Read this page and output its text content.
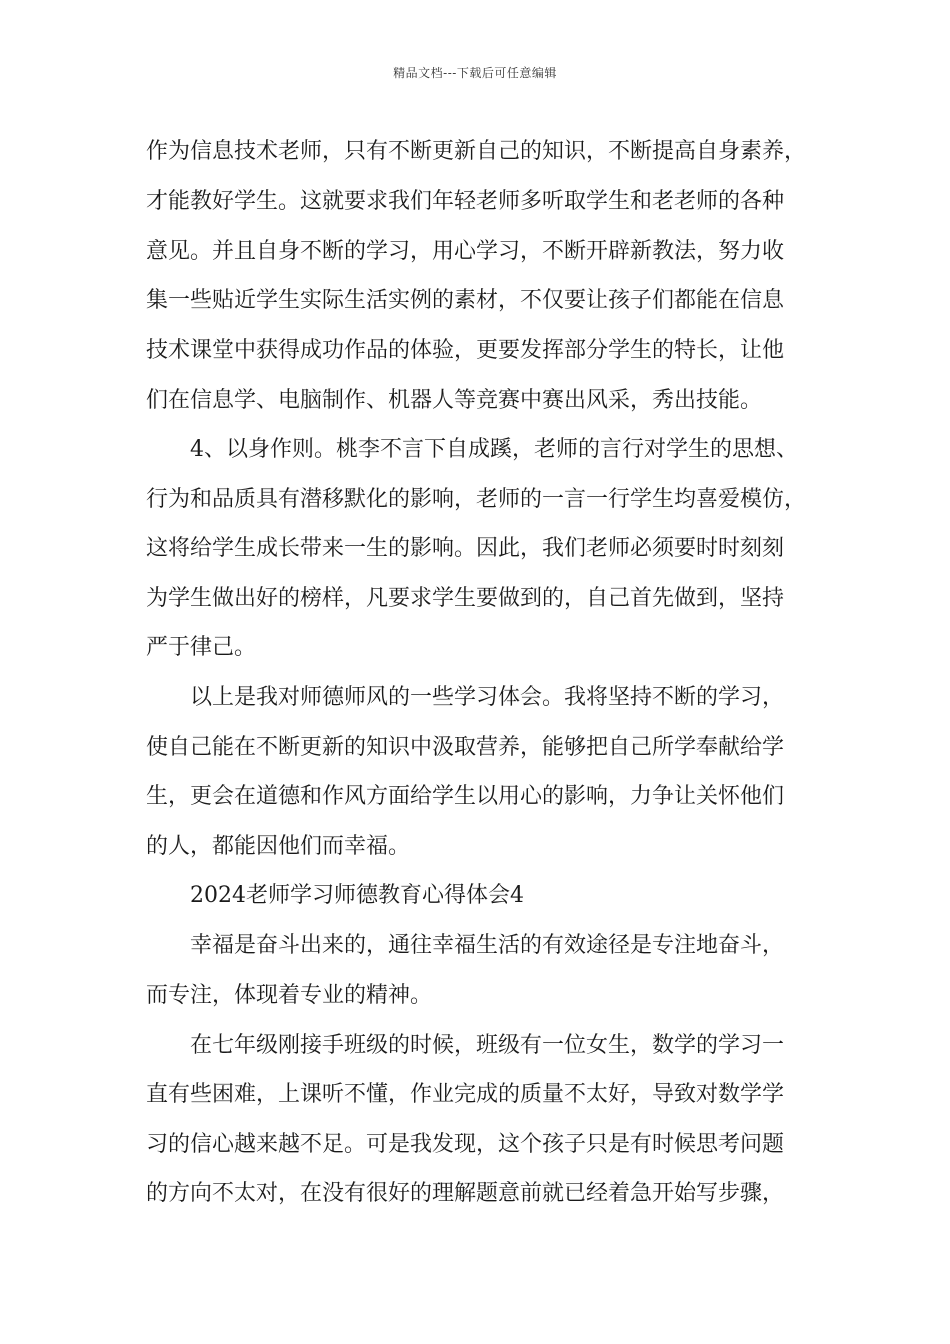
精品文档---下载后可任意编辑
作为信息技术老师，只有不断更新自己的知识，不断提高自身素养，
才能教好学生。这就要求我们年轻老师多听取学生和老老师的各种
意见。并且自身不断的学习，用心学习，不断开辟新教法，努力收
集一些贴近学生实际生活实例的素材，不仅要让孩子们都能在信息
技术课堂中获得成功作品的体验，更要发挥部分学生的特长，让他
们在信息学、电脑制作、机器人等竞赛中赛出风采，秀出技能。
4、以身作则。桃李不言下自成蹊，老师的言行对学生的思想、
行为和品质具有潜移默化的影响，老师的一言一行学生均喜爱模仿，
这将给学生成长带来一生的影响。因此，我们老师必须要时时刻刻
为学生做出好的榜样，凡要求学生要做到的，自己首先做到，坚持
严于律己。
以上是我对师德师风的一些学习体会。我将坚持不断的学习，
使自己能在不断更新的知识中汲取营养，能够把自己所学奉献给学
生，更会在道德和作风方面给学生以用心的影响，力争让关怀他们
的人，都能因他们而幸福。
2024老师学习师德教育心得体会4
幸福是奋斗出来的，通往幸福生活的有效途径是专注地奋斗，
而专注，体现着专业的精神。
在七年级刚接手班级的时候，班级有一位女生，数学的学习一
直有些困难，上课听不懂，作业完成的质量不太好，导致对数学学
习的信心越来越不足。可是我发现，这个孩子只是有时候思考问题
的方向不太对，在没有很好的理解题意前就已经着急开始写步骤，
